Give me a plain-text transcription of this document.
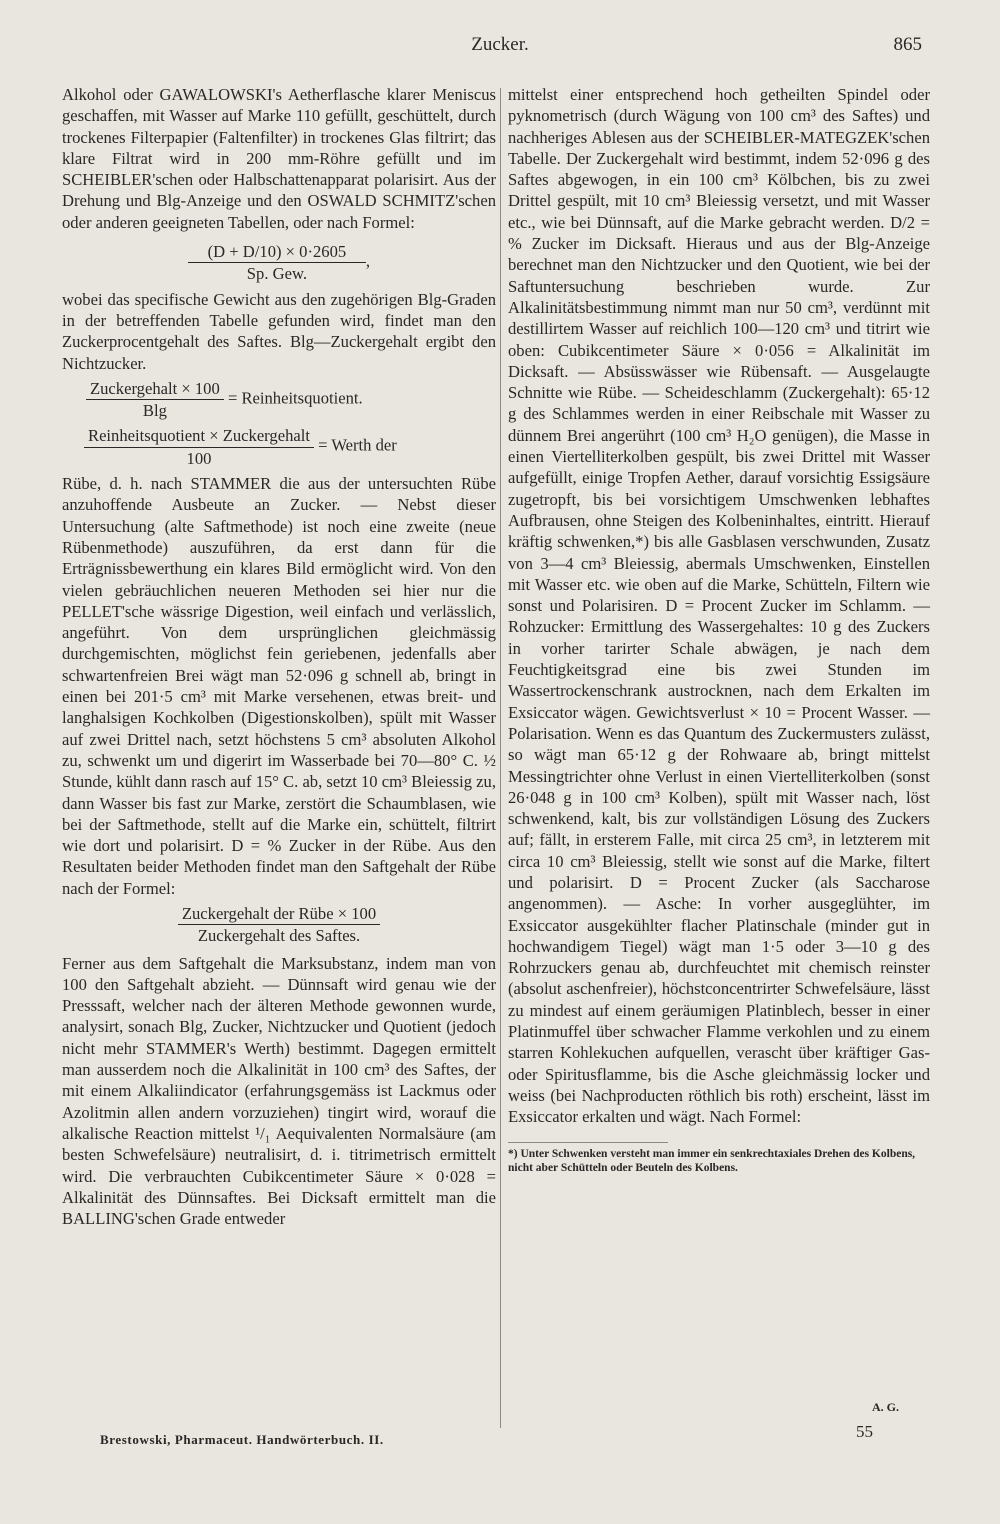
Zucker.	865

Alkohol oder GAWALOWSKI's Aetherflasche klarer Meniscus geschaffen, mit Wasser auf Marke 110 gefüllt, geschüttelt, durch trockenes Filterpapier (Faltenfilter) in trockenes Glas filtrirt; das klare Filtrat wird in 200 mm-Röhre gefüllt und im SCHEIBLER'schen oder Halbschattenapparat polarisirt. Aus der Drehung und Blg-Anzeige und den OSWALD SCHMITZ'schen oder anderen geeigneten Tabellen, oder nach Formel:

$\frac{(D + D/10) \times 0\cdot 2605}{\text{Sp. Gew.}}$ ,

wobei das specifische Gewicht aus den zugehörigen Blg-Graden in der betreffenden Tabelle gefunden wird, findet man den Zuckerprocentgehalt des Saftes. Blg—Zuckergehalt ergibt den Nichtzucker.

$\frac{\text{Zuckergehalt × 100}}{Blg}$ = Reinheitsquotient.
$\frac{\text{Reinheitsquotient × Zuckergehalt}}{100}$ = Werth der

Rübe, d. h. nach STAMMER die aus der untersuchten Rübe anzuhoffende Ausbeute an Zucker. — Nebst dieser Untersuchung (alte Saftmethode) ist noch eine zweite (neue Rübenmethode) auszuführen, da erst dann für die Erträgnissbewerthung ein klares Bild ermöglicht wird. Von den vielen gebräuchlichen neueren Methoden sei hier nur die PELLET'sche wässrige Digestion, weil einfach und verlässlich, angeführt. Von dem ursprünglichen gleichmässig durchgemischten, möglichst fein geriebenen, jedenfalls aber schwartenfreien Brei wägt man 52·096 g schnell ab, bringt in einen bei 201·5 cm³ mit Marke versehenen, etwas breit- und langhalsigen Kochkolben (Digestionskolben), spült mit Wasser auf zwei Drittel nach, setzt höchstens 5 cm³ absoluten Alkohol zu, schwenkt um und digerirt im Wasserbade bei 70—80° C. ½ Stunde, kühlt dann rasch auf 15° C. ab, setzt 10 cm³ Bleiessig zu, dann Wasser bis fast zur Marke, zerstört die Schaumblasen, wie bei der Saftmethode, stellt auf die Marke ein, schüttelt, filtrirt wie dort und polarisirt. D = % Zucker in der Rübe. Aus den Resultaten beider Methoden findet man den Saftgehalt der Rübe nach der Formel:

$\frac{\text{Zuckergehalt der Rübe × 100}}{\text{Zuckergehalt des Saftes.}}$

Ferner aus dem Saftgehalt die Marksubstanz, indem man von 100 den Saftgehalt abzieht. — Dünnsaft wird genau wie der Presssaft, welcher nach der älteren Methode gewonnen wurde, analysirt, sonach Blg, Zucker, Nichtzucker und Quotient (jedoch nicht mehr STAMMER's Werth) bestimmt. Dagegen ermittelt man ausserdem noch die Alkalinität in 100 cm³ des Saftes, der mit einem Alkaliindicator (erfahrungsgemäss ist Lackmus oder Azolitmin allen andern vorzuziehen) tingirt wird, worauf die alkalische Reaction mittelst ¹/₁ Aequivalenten Normalsäure (am besten Schwefelsäure) neutralisirt, d. i. titrimetrisch ermittelt wird. Die verbrauchten Cubikcentimeter Säure × 0·028 = Alkalinität des Dünnsaftes. Bei Dicksaft ermittelt man die BALLING'schen Grade entweder

mittelst einer entsprechend hoch getheilten Spindel oder pyknometrisch (durch Wägung von 100 cm³ des Saftes) und nachheriges Ablesen aus der SCHEIBLER-MATEGZEK'schen Tabelle. Der Zuckergehalt wird bestimmt, indem 52·096 g des Saftes abgewogen, in ein 100 cm³ Kölbchen, bis zu zwei Drittel gespült, mit 10 cm³ Bleiessig versetzt, und mit Wasser etc., wie bei Dünnsaft, auf die Marke gebracht werden. D/2 = % Zucker im Dicksaft. Hieraus und aus der Blg-Anzeige berechnet man den Nichtzucker und den Quotient, wie bei der Saftuntersuchung beschrieben wurde. Zur Alkalinitätsbestimmung nimmt man nur 50 cm³, verdünnt mit destillirtem Wasser auf reichlich 100—120 cm³ und titrirt wie oben: Cubikcentimeter Säure × 0·056 = Alkalinität im Dicksaft. — Absüsswässer wie Rübensaft. — Ausgelaugte Schnitte wie Rübe. — Scheideschlamm (Zuckergehalt): 65·12 g des Schlammes werden in einer Reibschale mit Wasser zu dünnem Brei angerührt (100 cm³ H₂O genügen), die Masse in einen Viertelliterkolben gespült, bis zwei Drittel mit Wasser aufgefüllt, einige Tropfen Aether, darauf vorsichtig Essigsäure zugetropft, bis bei vorsichtigem Umschwenken lebhaftes Aufbrausen, ohne Steigen des Kolbeninhaltes, eintritt. Hierauf kräftig schwenken,*) bis alle Gasblasen verschwunden, Zusatz von 3—4 cm³ Bleiessig, abermals Umschwenken, Einstellen mit Wasser etc. wie oben auf die Marke, Schütteln, Filtern wie sonst und Polarisiren. D = Procent Zucker im Schlamm. — Rohzucker: Ermittlung des Wassergehaltes: 10 g des Zuckers in vorher tarirter Schale abwägen, je nach dem Feuchtigkeitsgrad eine bis zwei Stunden im Wassertrockenschrank austrocknen, nach dem Erkalten im Exsiccator wägen. Gewichtsverlust × 10 = Procent Wasser. — Polarisation. Wenn es das Quantum des Zuckermusters zulässt, so wägt man 65·12 g der Rohwaare ab, bringt mittelst Messingtrichter ohne Verlust in einen Viertelliterkolben (sonst 26·048 g in 100 cm³ Kolben), spült mit Wasser nach, löst schwenkend, kalt, bis zur vollständigen Lösung des Zuckers auf; fällt, in ersterem Falle, mit circa 25 cm³, in letzterem mit circa 10 cm³ Bleiessig, stellt wie sonst auf die Marke, filtert und polarisirt. D = Procent Zucker (als Saccharose angenommen). — Asche: In vorher ausgeglühter, im Exsiccator ausgekühlter flacher Platinschale (minder gut in hochwandigem Tiegel) wägt man 1·5 oder 3—10 g des Rohrzuckers genau ab, durchfeuchtet mit chemisch reinster (absolut aschenfreier), höchstconcentrirter Schwefelsäure, lässt zu mindest auf einem geräumigen Platinblech, besser in einer Platinmuffel über schwacher Flamme verkohlen und zu einem starren Kohlekuchen aufquellen, verascht über kräftiger Gas- oder Spiritusflamme, bis die Asche gleichmässig locker und weiss (bei Nachproducten röthlich bis roth) erscheint, lässt im Exsiccator erkalten und wägt. Nach Formel:

*) Unter Schwenken versteht man immer ein senkrechtaxiales Drehen des Kolbens, nicht aber Schütteln oder Beuteln des Kolbens.

A. G.
Brestowski, Pharmaceut. Handwörterbuch. II.	55
